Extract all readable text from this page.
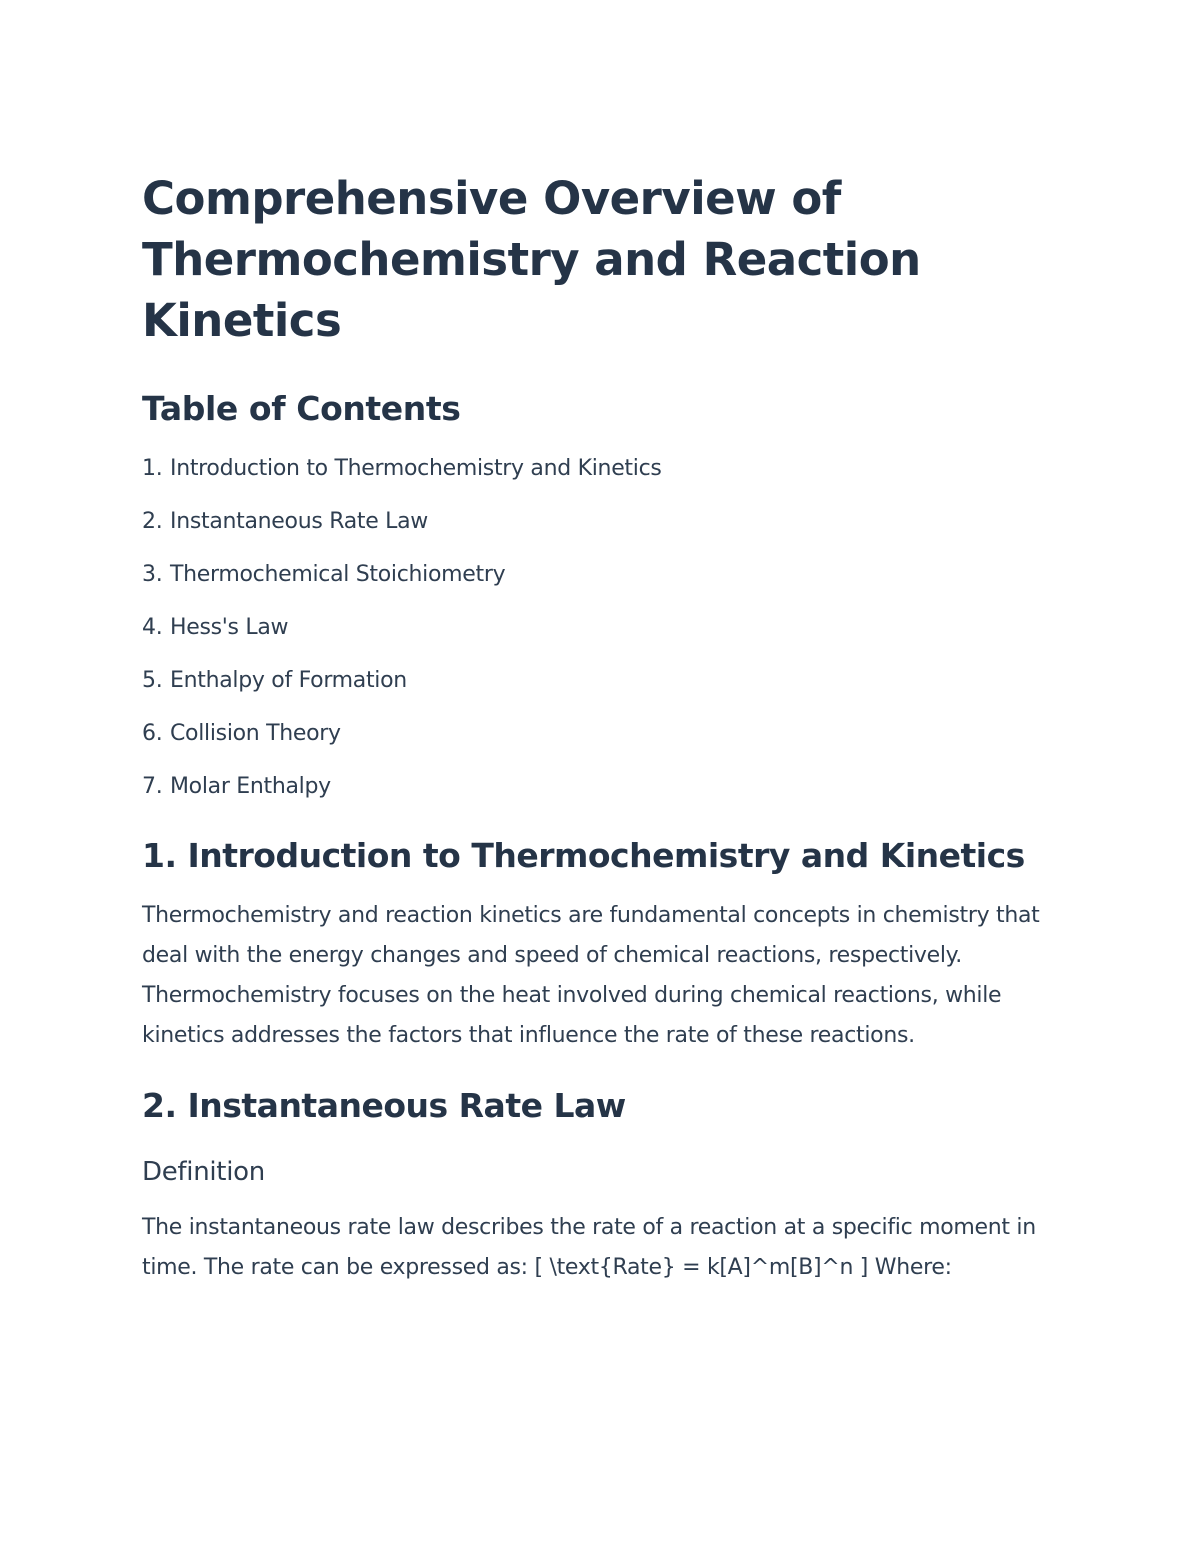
Comprehensive Overview of Thermochemistry and Reaction Kinetics
Table of Contents
1. Introduction to Thermochemistry and Kinetics
2. Instantaneous Rate Law
3. Thermochemical Stoichiometry
4. Hess's Law
5. Enthalpy of Formation
6. Collision Theory
7. Molar Enthalpy
1. Introduction to Thermochemistry and Kinetics

Thermochemistry and reaction kinetics are fundamental concepts in chemistry that deal with the energy changes and speed of chemical reactions, respectively. Thermochemistry focuses on the heat involved during chemical reactions, while kinetics addresses the factors that influence the rate of these reactions.

2. Instantaneous Rate Law
Definition

The instantaneous rate law describes the rate of a reaction at a specific moment in time. The rate can be expressed as: [ \text{Rate} = k[A]^m[B]^n ] Where:
